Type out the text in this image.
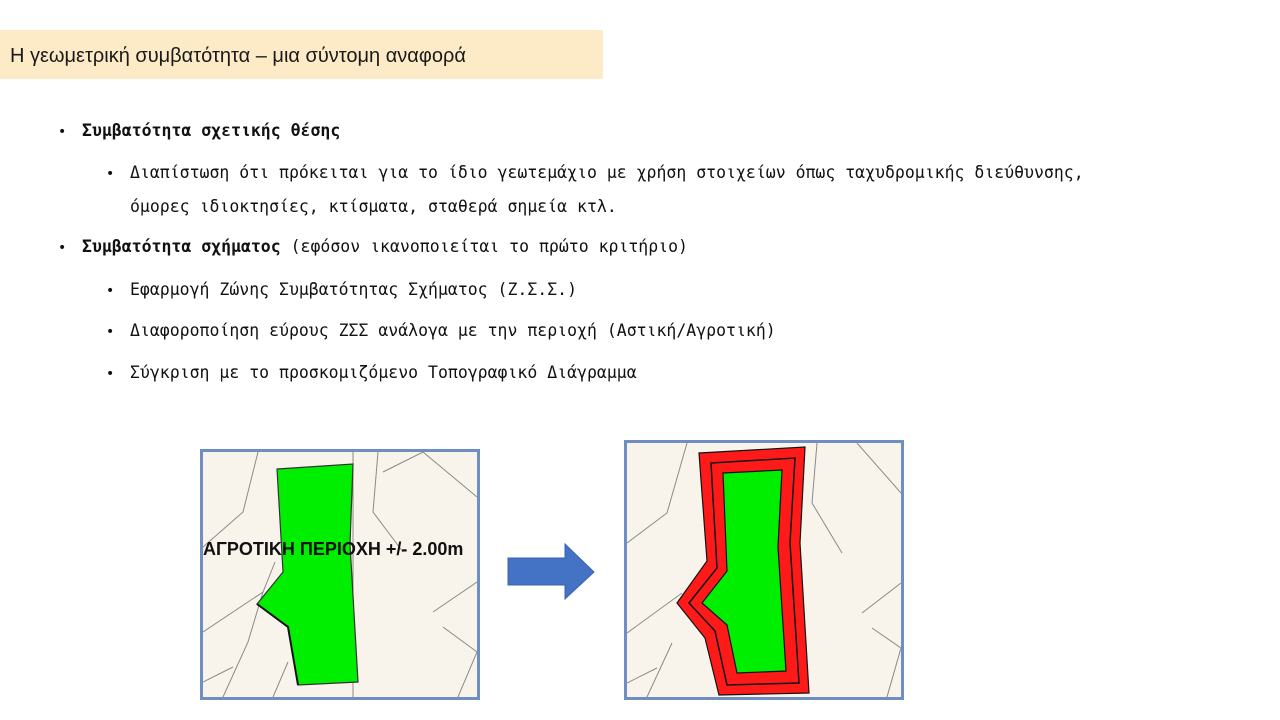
Η γεωμετρική συμβατότητα – μια σύντομη αναφορά
• Συμβατότητα σχετικής θέσης
• Διαπίστωση ότι πρόκειται για το ίδιο γεωτεμάχιο με χρήση στοιχείων όπως ταχυδρομικής διεύθυνσης,
όμορες ιδιοκτησίες, κτίσματα, σταθερά σημεία κτλ.
• Συμβατότητα σχήματος (εφόσον ικανοποιείται το πρώτο κριτήριο)
• Εφαρμογή Ζώνης Συμβατότητας Σχήματος (Ζ.Σ.Σ.)
• Διαφοροποίηση εύρους ΖΣΣ ανάλογα με την περιοχή (Αστική/Αγροτική)
• Σύγκριση με το προσκομιζόμενο Τοπογραφικό Διάγραμμα
ΑΓΡΟΤΙΚΗ ΠΕΡΙΟΧΗ +/- 2.00m
